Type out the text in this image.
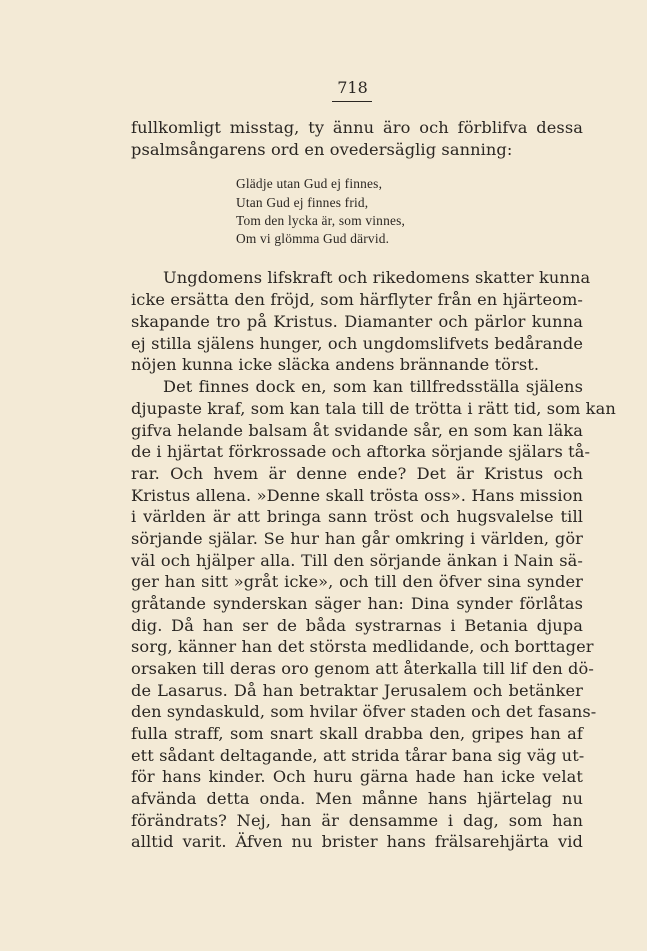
718
fullkomligt misstag, ty ännu äro och förblifva dessa
psalmsångarens ord en ovedersäglig sanning:
Glädje utan Gud ej finnes,
Utan Gud ej finnes frid,
Tom den lycka är, som vinnes,
Om vi glömma Gud därvid.
Ungdomens lifskraft och rikedomens skatter kunna
icke ersätta den fröjd, som härflyter från en hjärteom-
skapande tro på Kristus. Diamanter och pärlor kunna
ej stilla själens hunger, och ungdomslifvets bedårande
nöjen kunna icke släcka andens brännande törst.
Det finnes dock en, som kan tillfredsställa själens
djupaste kraf, som kan tala till de trötta i rätt tid, som kan
gifva helande balsam åt svidande sår, en som kan läka
de i hjärtat förkrossade och aftorka sörjande själars tå-
rar. Och hvem är denne ende? Det är Kristus och
Kristus allena. »Denne skall trösta oss». Hans mission
i världen är att bringa sann tröst och hugsvalelse till
sörjande själar. Se hur han går omkring i världen, gör
väl och hjälper alla. Till den sörjande änkan i Nain sä-
ger han sitt »gråt icke», och till den öfver sina synder
gråtande synderskan säger han: Dina synder förlåtas
dig. Då han ser de båda systrarnas i Betania djupa
sorg, känner han det största medlidande, och borttager
orsaken till deras oro genom att återkalla till lif den dö-
de Lasarus. Då han betraktar Jerusalem och betänker
den syndaskuld, som hvilar öfver staden och det fasans-
fulla straff, som snart skall drabba den, gripes han af
ett sådant deltagande, att strida tårar bana sig väg ut-
för hans kinder. Och huru gärna hade han icke velat
afvända detta onda. Men månne hans hjärtelag nu
förändrats? Nej, han är densamme i dag, som han
alltid varit. Äfven nu brister hans frälsarehjärta vid
